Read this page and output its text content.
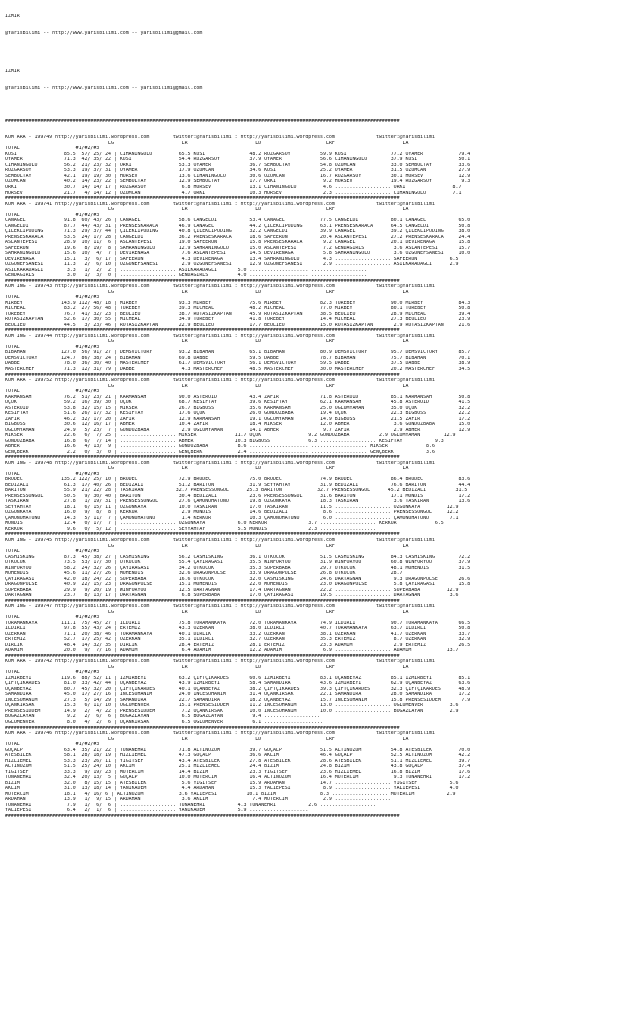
IZMIR

@YarisBilimi -- http://www.yarisbilimi.com -- yarisbilimi@gmail.com

IZMIR

@YarisBilimi -- http://www.yarisbilimi.com -- yarisbilimi@gmail.com

######################################################################################################################################

KUM ARA - 199749 http://yarisbilimi.wordpress.com        twitter:@YarisBilimi : http://yarisbilimi.wordpress.com              twitter:@YarisBilimi
LG                       LR                       LD                      LRF                       LA
TOTAL                   #1/#2/#3
KÜSI                85.5  57/ 25/ 24 | CIHANINGÜLÜ         65.5 KÜSI               48.2 RÜZGARSOY          59.9 KÜSI               77.2 OYAMER            79.4
OYAMER              71.3  42/ 35/ 22 | KÜSI                54.4 RÜZGARSOY          37.9 OYAMER             56.6 CIHANINGÜLÜ        37.9 KÜSI              50.1
CIHANINGÜLÜ         56.2  21/ 23/ 32 | ORKI                53.3 OYAMER             36.7 SEMBOLTAY          54.8 ÖZÜMCAN            33.0 SEMBOLTAY         33.6
RÜZGARSOY           53.3  19/ 37/ 31 | OYAMER              17.9 ÖZÜMCAN            34.6 KÜSI               25.2 OYAMER             31.5 ÖZÜMCAN           27.9
SEMBOLTAY           42.1  19/ 19/ 30 | HÜRSEV              13.6 CIHANINGÜLÜ        30.6 ÖZÜMCAN            16.7 RÜZGARSOY          30.1 HÜRSEV            12.9
ÖZÜMCAN             40.2  14/ 23/ 22 | SEMBOLTAY           12.9 SEMBOLTAY          17.7 ORKI                9.2 HÜRSEV             19.4 RÜZGARSOY          9.3
ORKI                30.7  14/ 14/ 17 | RÜZGARSOY            6.8 HÜRSEV             13.1 CIHANINGÜLÜ         4.6 ................... ORKI                8.7
HÜRSEV              21.7   4/ 14/ 12 | ÖZÜMCAN              4.7 ORKI               10.3 HÜRSEV              2.3 ................... CIHANINGÜLÜ         7.1
######################################################################################################################################
KUM ARA - 199741 http://yarisbilimi.wordpress.com        twitter:@YarisBilimi : http://yarisbilimi.wordpress.com              twitter:@YarisBilimi
LG                       LR                       LD                      LRF                       LA
TOTAL                   #1/#2/#3
CANAGEL             91.8  60/ 43/ 26 | CANAGEL             58.6 CANGELDI           53.4 CANAGEL            77.5 CANGELDI           80.1 CANAGEL           65.0
CANGELDI            87.7  44/ 43/ 31 | PRENSESKARACA       46.9 CANAGEL            44.2 ÇILEKLIPUDING      63.1 PRENSESKARACA      64.5 CANGELDI          50.8
ÇILEKLIPUDING       71.3  29/ 37/ 44 | ÇILEKLIPUDING       40.8 ÇILEKLIPUDING      32.2 CANGELDI           39.9 CANAGEL            39.2 ÇILEKLIPUDING     38.0
PRENSESKARACA       53.5  24/ 17/ 28 | CANGELDI            36.2 PRENSESKARACA      18.6 SAFEERUN           20.4 ASLANTEPESI        27.2 PRENSESKARACA     24.4
ASLANTEPESI         28.9  10/ 11/  6 | ASLANTEPESI         19.0 SAFEERUN           15.8 PRENSESKARACA       9.2 CANAGEL            20.1 DEVIRENAGA        15.8
SAFEERUN            19.6   8/ 19/  8 | SAHRANINGÜLÜ        12.9 SAHRANINGÜLÜ       15.0 ASLANTEPESI         7.2 GENDAGIRLS          3.6 ASLANTEPESI       15.7
SAHRANINGÜLÜ        15.6  10/  4/  7 | DEVIRENAGA           7.6 ASLANTEPESI        14.5 DEVIRENAGA          5.8 SAHRANINGÜLÜ        3.6 ÖZGÜNEFSANESI     10.0
DEVIRENAGA          15.1   3/  6/ 17 | SAFEERUN             4.3 DEVIRENAGA         13.4 SAHRANINGÜLÜ        4.3 ................... SAFEERUN           6.5
ÖZGÜNEFSANESI       11.3   2/  6/ 10 | ÖZGÜNEFSANESI        2.9 ÖZGÜNEFSANESI      12.9 ÖZGÜNEFSANESI       2.9 ................... ASILKARADAGLI      2.9
ASILKARADAGLI        3.3   1/  2/  2 | ................... ASILKARADAGLI       5.0 .................... ...................
GENDAGIRLS           3.0   1/  3/  0 | ................... GENDAGIRLS          4.0 .................... ...................
######################################################################################################################################
KUM ING - 199743 http://yarisbilimi.wordpress.com        twitter:@YarisBilimi : http://yarisbilimi.wordpress.com              twitter:@YarisBilimi
LG                       LR                       LD                      LRF                       LA
TOTAL                   #1/#2/#3
MIRBEY             143.9 112/ 48/ 18 | MIRBEY              93.3 MIRBEY             75.6 MIRBEY             82.3 TÜREBEY            90.0 MIRBEY            84.3
MICHEAL             83.2  27/ 56/ 48 | TÜREBEY             39.3 MICHEAL            48.2 MICHEAL            77.0 MIRBEY             80.1 TÜREBEY           50.8
TÜREBEY             76.7  41/ 32/ 23 | BEULIEU             38.7 ROTASIZKAPTAN      45.9 ROTASIZKAPTAN      38.5 BEULIEU            28.9 MICHEAL           39.4
ROTASIZKAPTAN       52.6  17/ 30/ 55 | MICHEAL             34.9 TÜREBEY            41.8 TÜREBEY            14.4 MICHEAL            27.3 BEULIEU           23.9
BEULIEU             44.5   3/ 23/ 46 | ROTASIZKAPTAN       22.9 BEULIEU            17.7 BEULIEU            15.0 ROTASIZKAPTAN       2.9 ROTASIZKAPTAN     21.6
######################################################################################################################################
KUM ING - 199744 http://yarisbilimi.wordpress.com        twitter:@YarisBilimi : http://yarisbilimi.wordpress.com              twitter:@YarisBilimi
LG                       LR                       LD                      LRF                       LA
TOTAL                   #1/#2/#3
BIBAHAN            127.0  56/ 91/ 27 | DEMSVICTORY         93.2 BIBAHAN            65.1 BIBAHAN            80.9 DEMSVICTORY        95.7 DEMSVICTORY       85.7
DEMSVICTORY        124.7  86/ 38/ 24 | BIBAHAN             69.8 DABBE              59.5 DABBE              78.7 BIBAHAN            75.7 BIBAHAN           70.1
DABBE               78.0  36/ 30/ 40 | MASTERCHEF          61.7 DEMSVICTORY        56.1 DEMSVICTORY        59.5 DABBE              37.5 DABBE             38.9
MASTERCHEF          71.3  12/ 31/ 79 | DABBE                4.3 MASTERCHEF         48.5 MASTERCHEF         30.0 MASTERCHEF         20.2 MASTERCHEF        34.5
######################################################################################################################################
KUM ARA - 199752 http://yarisbilimi.wordpress.com        twitter:@YarisBilimi : http://yarisbilimi.wordpress.com              twitter:@YarisBilimi
LG                       LR                       LD                      LRF                       LA
TOTAL                   #1/#2/#3
KARMANSAH           76.2  51/ 23/ 21 | KARMANSAH           90.0 ASTEROID           43.4 ZAFIR              71.8 ASTEROID           85.1 KARMANSAH         50.8
UÇUK                59.2  16/ 39/ 30 | UÇUK                68.7 KESIFTAY           39.6 KESIFTAY           62.1 KARMANSAH          45.8 ASTEROID          41.5
ASTEROID            53.8  32/ 15/ 15 | MIKSER              26.7 BIGBOSS            35.6 KARMANSAH          25.0 OGLUMYAMAN         35.0 UÇUK              32.2
KESIFTAY            51.6  26/ 17/ 32 | KESIFTAY            17.6 UÇUK               26.0 GÜNDÜZBABA         19.4 UÇUK               22.3 BIGBOSS           22.2
ZAFIR               46.2  32/ 17/ 20 | ZAFIR               12.9 KARMANSAH          19.1 OGLUMYAMAN         14.9 BIGBOSS            21.5 ZAFIR             17.2
BIGBOSS             30.6  12/ 16/ 17 | ABHER               10.4 ZAFIR              18.4 MIKSER             12.0 ABHER               3.6 GÜNDÜZBABA        15.0
OGLUMYAMAN          24.9   5/ 23/  7 | GÜNDÜZBABA           2.9 OGLUMYAMAN         14.1 ABHER               9.7 ZAFIR               2.9 ABHER             12.9
MIKSER              22.6   6/  7/ 25 | ................... MIKSER             11.7 UÇUK                9.2 GÜNDÜZBABA          2.9 OGLUMYAMAN        12.9
GÜNDÜZBABA          16.8   6/  7/ 14 | ................... ABHER              10.3 BIGBOSS             6.3 ................... KESIFTAY           9.3
ABHER               16.6   4/ 13/  9 | ................... GÜNDÜZBABA          8.6 .................... ................... MIKSER             8.6
GENÇBERK             2.2   0/  3/  0 | ................... GENÇBERK            2.4 .................... ................... GENÇBERK           3.6
######################################################################################################################################
KUM ING - 199748 http://yarisbilimi.wordpress.com        twitter:@YarisBilimi : http://yarisbilimi.wordpress.com              twitter:@YarisBilimi
LG                       LR                       LD                      LRF                       LA
TOTAL                   #1/#2/#3
BRODEC             135.2 122/ 25/ 10 | BRODEC              72.9 BRODEC             75.0 BRODEC             74.9 BRODEC             86.4 BRODEC            83.6
BEDIZALI            61.3  17/ 40/ 26 | BEDIZALI            51.2 BARITON            31.9 SEYYAHTAY          31.9 BEDIZALI           76.6 BARITON           44.4
BARITON             55.9  21/ 22/ 28 | TASKIRAN           32.7 PRENSESSONGÜL      25.3 BARITON            32.7 PRENSESSONGÜL      45.2 BEDIZALI          31.5
PRENSESSONGÜL       50.5   9/ 30/ 40 | BARITON             30.4 BEDIZALI           23.6 PRENSESSONGÜL      31.6 BARITON            17.1 MONDIS            17.2
TASKIRAN            27.8   1/ 19/ 31 | PRENSESSONGÜL       27.6 ÇAMÖNÜHATUNU       19.8 ÖZGÜNKAYA          18.3 TASKIRAN            3.6 TASKIRAN          13.6
SEYYAHTAY           18.1   6/ 15/ 11 | ÖZGÜNKAYA           10.0 TASKIRAN           17.0 TASKIRAN           11.5 ................... ÖZGÜNKAYA         12.9
ÖZGÜNKAYA           16.0   9/  8/  8 | KERKÜR               2.9 MONDIS             14.6 BEDIZALI            8.6 ................... PRENSESSONGÜL     12.2
ÇAMÖNÜHATUNU        14.3   5/ 11/  7 | ÇAMÖNÜHATUNU         1.4 KERKÜR             10.3 ÇAMÖNÜHATUNU        6.0 ................... ÇAMÖNÜHATUNU       7.1
MONDIS              12.4   0/ 17/  7 | ................... ÖZGÜNKAYA           6.0 KERKÜR              3.7 ................... KERKÜR             6.5
KERKÜR               9.6   0/  5/ 12 | ................... SEYYAHTAY           5.5 MONDIS              2.3 ...................
######################################################################################################################################
KUM ING - 199745 http://yarisbilimi.wordpress.com        twitter:@YarisBilimi : http://yarisbilimi.wordpress.com              twitter:@YarisBilimi
LG                       LR                       LD                      LRF                       LA
TOTAL                   #1/#2/#3
CASHISKING          87.3  45/ 38/ 27 | CASHISKING          56.2 CASHISKING         36.1 UTKUCUK            51.5 CASHISKING         84.3 CASHISKING        72.2
UTKUCUK             73.5  53/ 17/ 30 | UTKUCUK             55.4 ÇAYIRAGASI         35.5 WINFORYOU          31.9 WINFORYOU          60.8 WINFORYOU         37.9
WINFORYOU           58.2  24/ 32/ 26 | ÇAYIRAGASI          34.2 UTKUCUK            35.3 SÜPERBABA          29.7 UTKUCUK            48.1 MÜHENDIS          31.5
MÜHENDIS            45.6  11/ 27/ 26 | MÜHENDIS            32.6 DRAGONPULSE        33.9 DRAGONPULSE        26.8 UTKUCUK            28.7
ÇAYIRAGASI          42.0  18/ 24/ 22 | SÜPERBABA           16.6 UTKUCUK            32.0 CASHISKING         24.6 DARTAGNAN           9.3 DRAGONPULSE       26.6
DRAGONPULSE         40.9  22/ 15/ 23 | DRAGONPULSE         15.1 MÜHENDIS           22.0 MÜHENDIS           23.0 DRAGONPULSE         5.8 ÇAYIRAGASI        15.8
SÜPERBABA           29.9   9/ 20/ 19 | WINFORYOU           12.5 DARTAGNAN          17.4 DARTAGNAN          22.2 ................... SÜPERBABA         12.9
DARTAGNAN           23.7   8/ 13/ 17 | DARTAGNAN            6.8 SÜPERBABA          17.0 ÇAYIRAGASI         19.5 ................... DARTAGNAN          3.6
######################################################################################################################################
KUM ING - 199747 http://yarisbilimi.wordpress.com        twitter:@YarisBilimi : http://yarisbilimi.wordpress.com              twitter:@YarisBilimi
LG                       LR                       LD                      LRF                       LA
TOTAL                   #1/#2/#3
TORAMANKAYA        111.1  75/ 45/ 27 | ILDIRLI             75.8 TORAMANKAYA        72.0 TORAMANKAYA        74.9 ILDIRLI            90.7 TORAMANKAYA       66.5
ILDIRLI             97.8  55/ 43/ 24 | ERTEMIZ             43.3 ÖZERKAN            38.0 ILDIRLI            40.7 TORAMANKAYA        63.7 ILDIRLI           50.8
ÖZERKAN             71.1  20/ 38/ 46 | TORAMANKAYA         40.1 DIRLIK             33.2 ÖZERKAN            38.1 ÖZERKAN            41.7 ÖZERKAN           33.7
ERTEMIZ             52.7  17/ 25/ 42 | ÖZERKAN             35.1 ILDIRLI            32.7 ÖZERKAN            35.3 ERTEMIZ             8.7 ÖZERKAN           32.9
DIRLIK              48.4  14/ 32/ 35 | DIRLIK              28.4 ERTEMIZ            28.1 ERTEMIZ            23.3 ADAMIM              2.9 ERTEMIZ           26.5
ADAMIM              20.0   9/  7/ 16 | ADAMIM               6.4 ADAMIM             12.2 ADAMIM              6.9 ................... ADAMIM            13.7
######################################################################################################################################
KUM ARA - 199742 http://yarisbilimi.wordpress.com        twitter:@YarisBilimi : http://yarisbilimi.wordpress.com              twitter:@YarisBilimi
LG                       LR                       LD                      LRF                       LA
TOTAL                   #1/#2/#3
IZMIRBEYI          119.6  88/ 52/ 11 | IZMIRBEYI           63.2 ÇIFTÇIKARDES       60.6 IZMIRBEYI          83.1 UÇANBEYAZ          85.1 IZMIRBEYI         85.1
ÇIFTÇIKARDES        81.0  33/ 42/ 44 | UÇANBEYAZ           43.9 IZMIRBEYI          58.4 SAMANDIRA          43.6 IZMIRBEYI          62.9 UÇANBEYAZ         63.6
UÇANBEYAZ           80.7  45/ 32/ 20 | ÇIFTÇIKARDES        40.1 UÇANBEYAZ          38.2 ÇIFTÇIKARDES       39.3 ÇIFTÇIKARDES       32.3 ÇIFTÇIKARDES      48.9
SAMANDIRA           45.0  17/ 27/ 16 | INCESUHANIM         24.0 INCESUHANIM        31.4 UÇANKIRSAK         22.1 SAMANDIRA          28.0 SAMANDIRA         17.2
INCESUHANIM         27.3   5/ 14/ 29 | SAMANDIRA           22.7 SAMANDIRA          18.2 UÇANBEYAZ          15.7 INCESUHANIM        15.8 PRENSESIDDEM       7.9
UÇANKIRSAK          15.3   6/ 11/ 10 | OGLUMENVER          15.1 PRENSESIDDEM       11.2 INCESUHANIM        13.0 ................... OGLUMENVER         3.6
PRENSESIDDEM        14.9   2/  4/ 22 | PRENSESIDDEM         7.2 UÇANKIRSAK         10.0 INCESUHANIM        10.0 ................... BOGAZLAYAN         2.9
BOGAZLAYAN           9.2   2/  6/  6 | BOGAZLAYAN           6.5 BOGAZLAYAN          9.4 ...................
OGLUMENVER           8.0   4/  2/  6 | UÇANKIRSAK           6.5 OGLUMENVER          6.1 ....................
######################################################################################################################################
KUM ARA - 199746 http://yarisbilimi.wordpress.com        twitter:@YarisBilimi : http://yarisbilimi.wordpress.com              twitter:@YarisBilimi
LG                       LR                       LD                      LRF                       LA
TOTAL                   #1/#2/#3
GÜÇALP              63.4  35/ 21/ 22 | TUNANEHRI           71.8 ALTINÜZÜM          39.7 GÜÇALP             51.5 ALTINÜZÜM          54.8 ATESBILEK         70.0
ATESBILEK           58.1  28/ 18/ 19 | HIZLIEMEL           47.3 GÜÇALP             36.6 AKLIM              46.4 GÜÇALP             52.5 ALTINÜZÜM         42.2
HIZLIEMEL           53.3  23/ 26/ 11 | YIGITSEF            43.4 ATESBILEK          27.8 ATESBILEK          28.6 ATESBILEK          51.1 HIZLIEMEL         39.7
ALTINÜZÜM           51.5  25/ 24/ 10 | AKLIM               25.1 HIZLIEMEL          24.4 BIZIM              24.8 BIZIM              43.8 GÜÇALP            37.4
YIGITSEF            33.3   9/ 19/ 23 | MÜTERCIM            14.4 BIZIM              23.3 YIGITSEF           23.6 HIZLIEMEL          16.8 BIZIM             17.6
TUNANEHRI           32.4  20/ 13/  5 | GÜÇALP              10.0 MÜTERCIM           16.4 ALTINÜZÜM          16.4 MÜTERCIM            9.3 TUNANEHRI         17.2
BIZIM               32.0   8/ 15/ 15 | ATESBILEK            5.6 YIGITSEF           15.9 ARDAHAN            14.7 ................... YIGITSEF           5.6
AKLIM               31.0  13/ 18/ 14 | YANIKADEM            4.4 ARDAHAN            15.3 YALIEPESI           8.9 ................... YALIEPESI          4.0
MÜTERCIM            18.1   4/ 16/ 6 | ALTINÜZÜM            3.6 YALIEPESI          10.1 BIZIM               8.3 ................... MÜTERCIM           2.9
ARDAHAN             13.9   1/  9/ 15 | ARDAHAN              3.6 AKLIM               7.4 MÜTERCIM            2.9 ...................
TUNANEHRI            7.9   1/  6/  6 | ................... TUNANEHRI           4.3 TUNANEHRI           2.6 ...................
YALIEPESI            6.4   2/  1/  6 | ................... YANIKADEM           5.9 ....................
######################################################################################################################################
